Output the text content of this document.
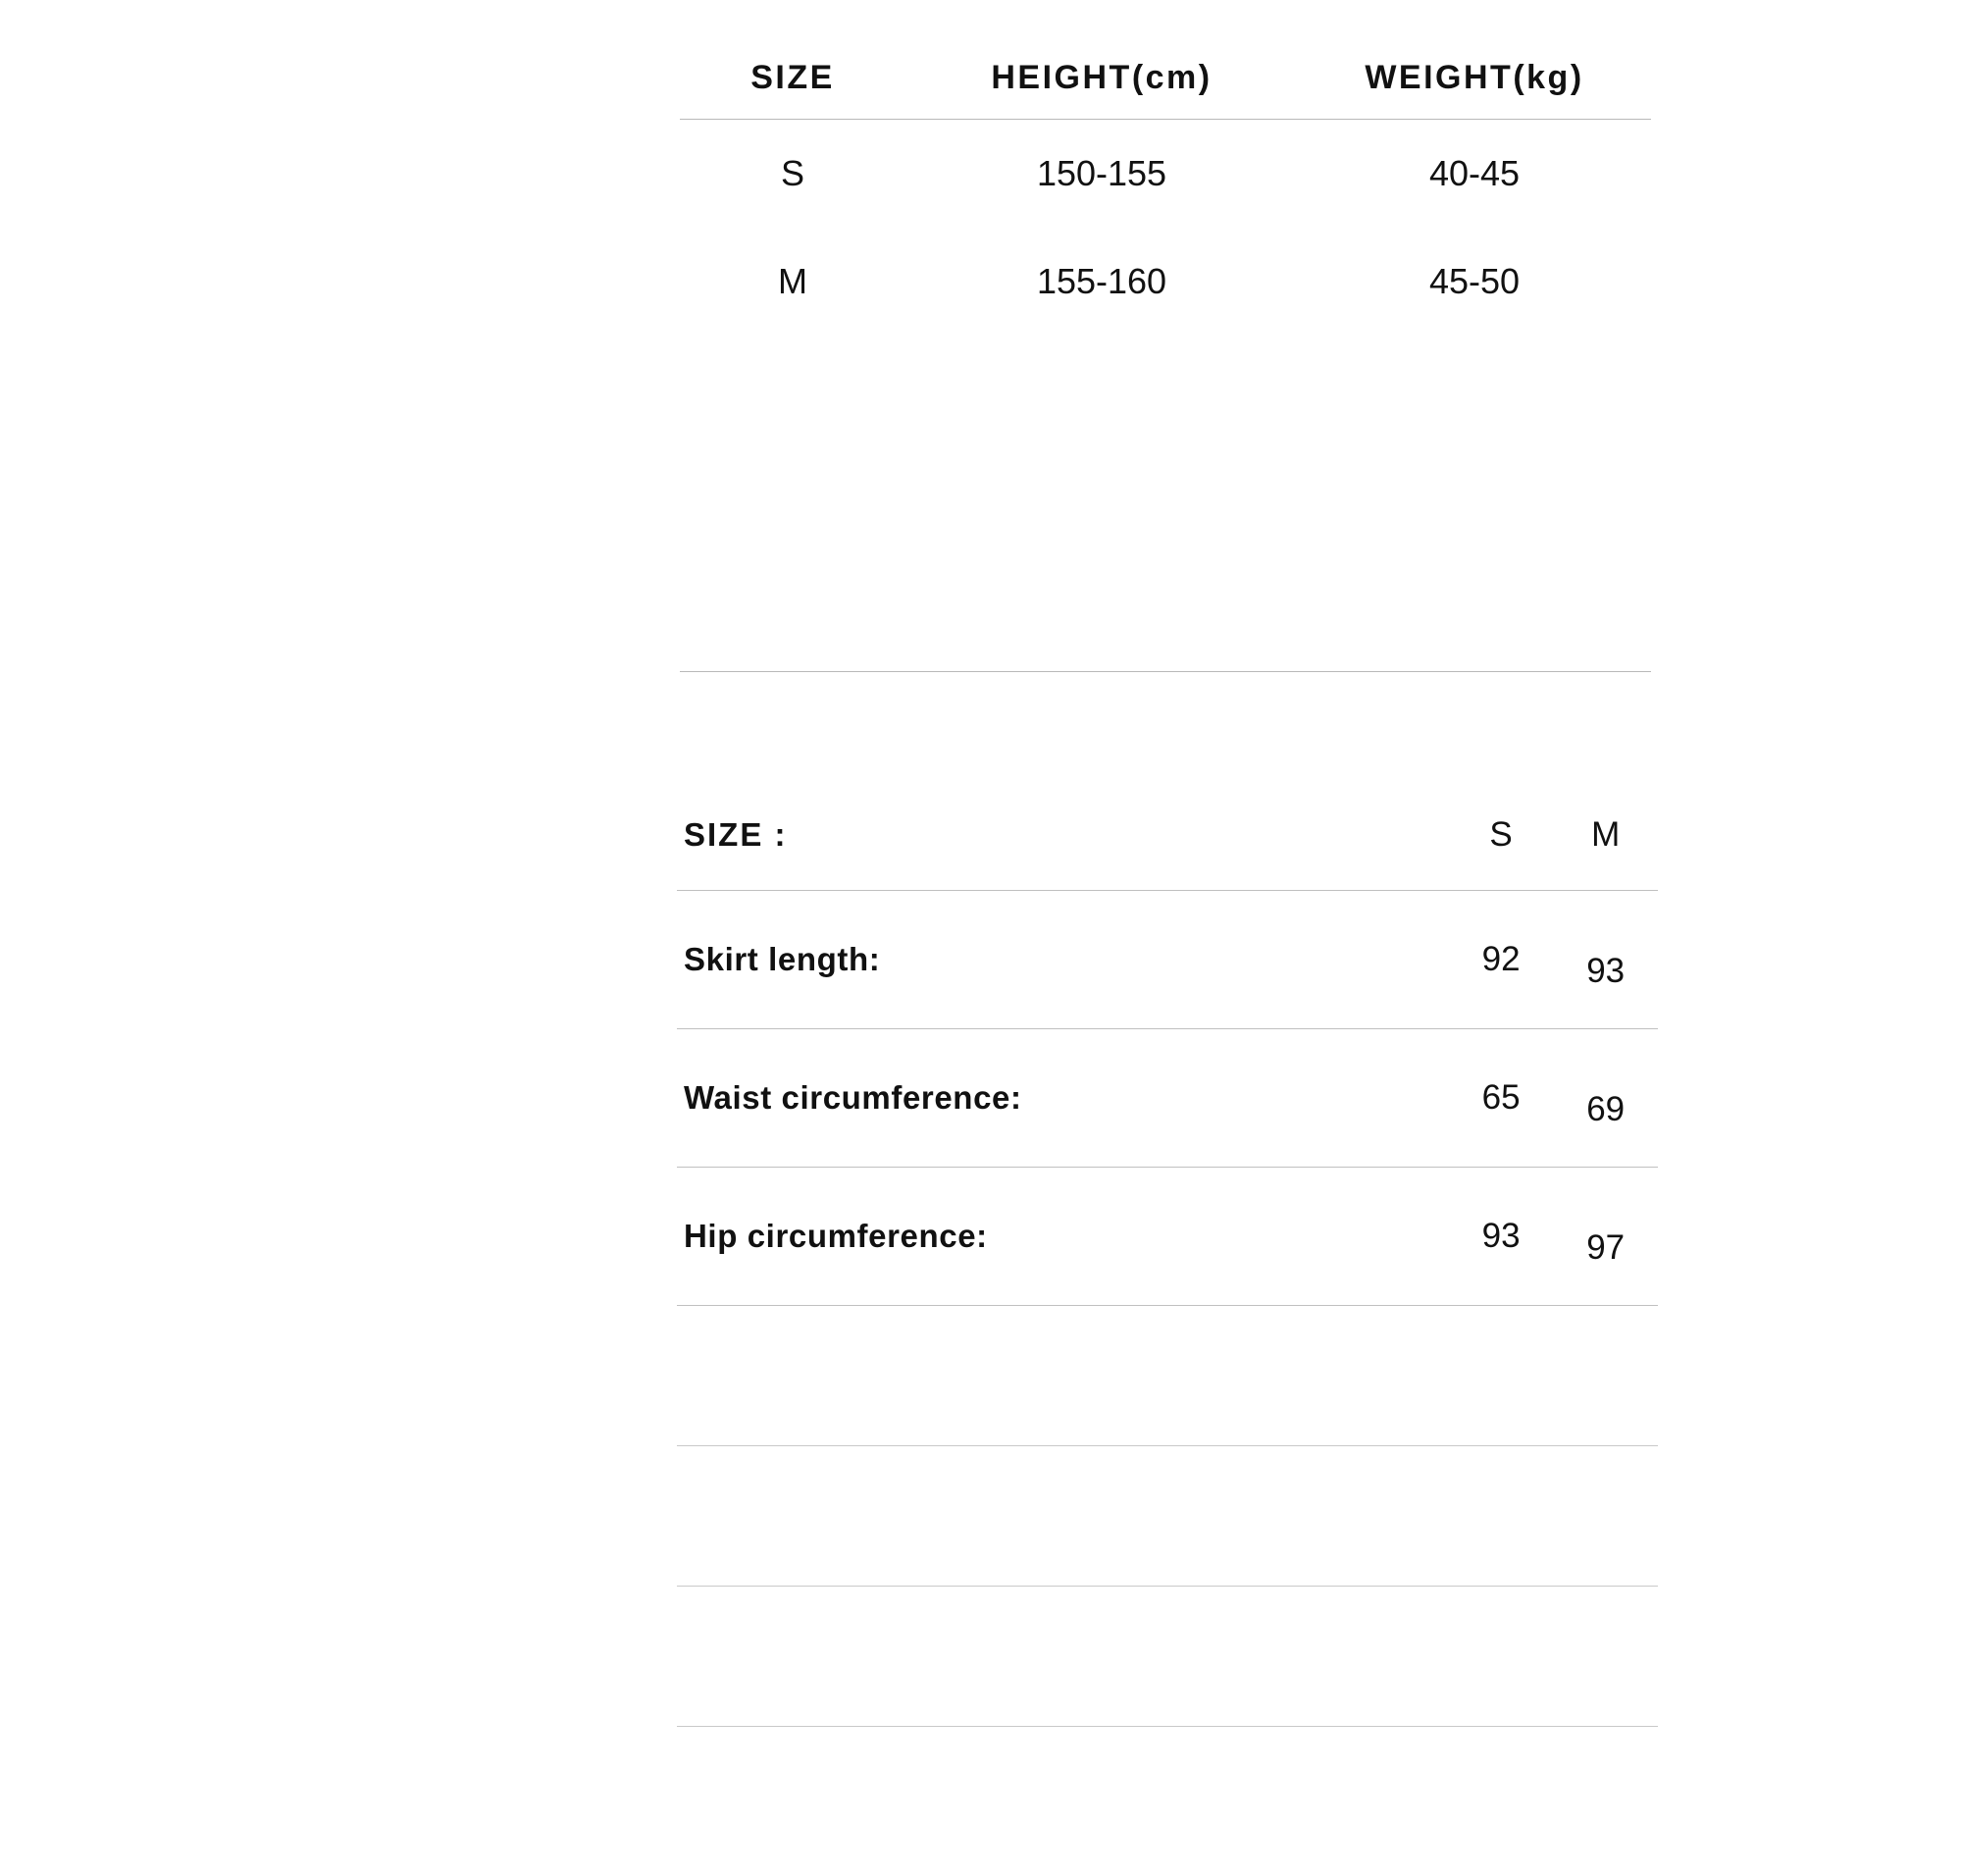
SIZE	HEIGHT(cm)	WEIGHT(kg)
S	150-155	40-45
M	155-160	45-50
SIZE :	S	M
Skirt length:	92	93
Waist circumference:	65	69
Hip circumference:	93	97
